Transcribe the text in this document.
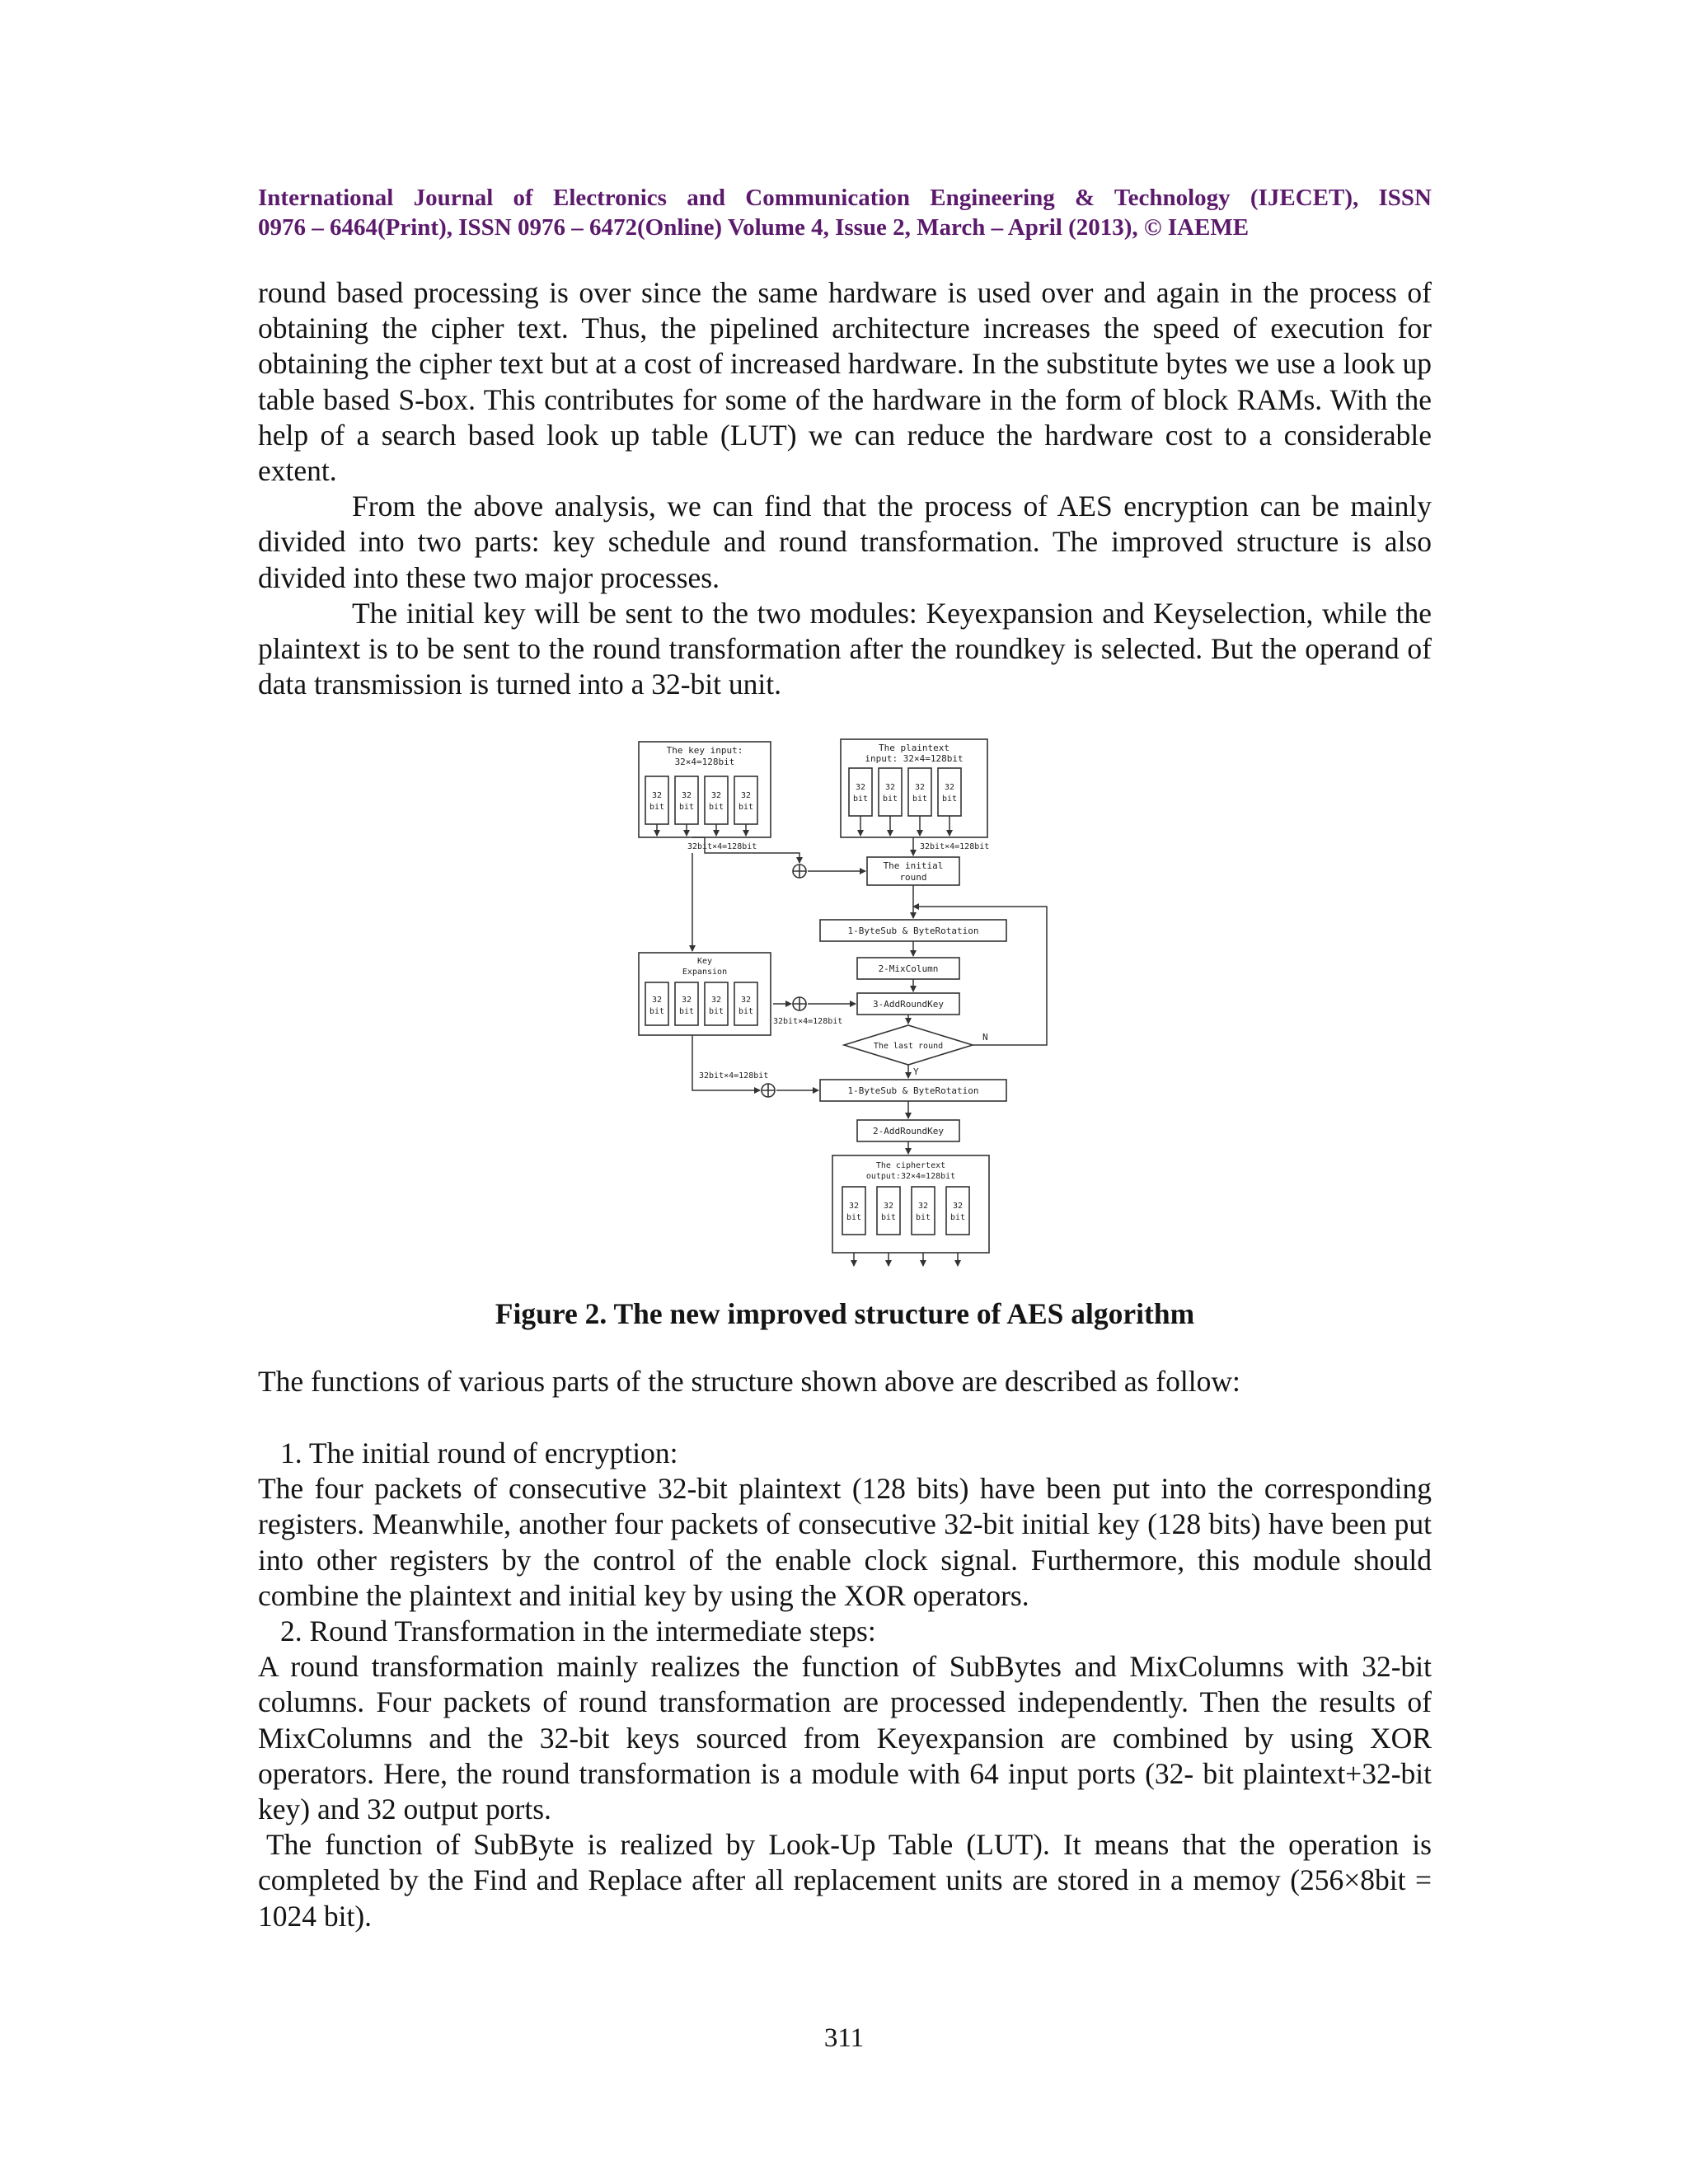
International Journal of Electronics and Communication Engineering & Technology (IJECET), ISSN
0976 – 6464(Print), ISSN 0976 – 6472(Online) Volume 4, Issue 2, March – April (2013), © IAEME

round based processing is over since the same hardware is used over and again in the process of obtaining the cipher text. Thus, the pipelined architecture increases the speed of execution for obtaining the cipher text but at a cost of increased hardware. In the substitute bytes we use a look up table based S-box. This contributes for some of the hardware in the form of block RAMs. With the help of a search based look up table (LUT) we can reduce the hardware cost to a considerable extent.

From the above analysis, we can find that the process of AES encryption can be mainly divided into two parts: key schedule and round transformation. The improved structure is also divided into these two major processes.

The initial key will be sent to the two modules: Keyexpansion and Keyselection, while the plaintext is to be sent to the round transformation after the roundkey is selected. But the operand of data transmission is turned into a 32-bit unit.

The key input:
32×4=128bit
The plaintext
input: 32×4=128bit
32bit×4=128bit	32bit×4=128bit
The initial
round
1-ByteSub & ByteRotation
2-MixColumn
3-AddRoundKey
Key
Expansion
32bit×4=128bit
The last round
N
Y
32bit×4=128bit
1-ByteSub & ByteRotation
2-AddRoundKey
The ciphertext
output:32×4=128bit
32
bit
32
bit
32
bit
32
bit
32
bit
32
bit
32
bit
32
bit
32
bit
32
bit
32
bit
32
bit
32
bit
32
bit
32
bit
32
bit
Figure 2. The new improved structure of AES algorithm

The functions of various parts of the structure shown above are described as follow:

1. The initial round of encryption:

The four packets of consecutive 32-bit plaintext (128 bits) have been put into the corresponding registers. Meanwhile, another four packets of consecutive 32-bit initial key (128 bits) have been put into other registers by the control of the enable clock signal. Furthermore, this module should combine the plaintext and initial key by using the XOR operators.

2. Round Transformation in the intermediate steps:

A round transformation mainly realizes the function of SubBytes and MixColumns with 32-bit columns. Four packets of round transformation are processed independently. Then the results of MixColumns and the 32-bit keys sourced from Keyexpansion are combined by using XOR operators. Here, the round transformation is a module with 64 input ports (32- bit plaintext+32-bit key) and 32 output ports.

The function of SubByte is realized by Look-Up Table (LUT). It means that the operation is completed by the Find and Replace after all replacement units are stored in a memoy (256×8bit = 1024 bit).

311
